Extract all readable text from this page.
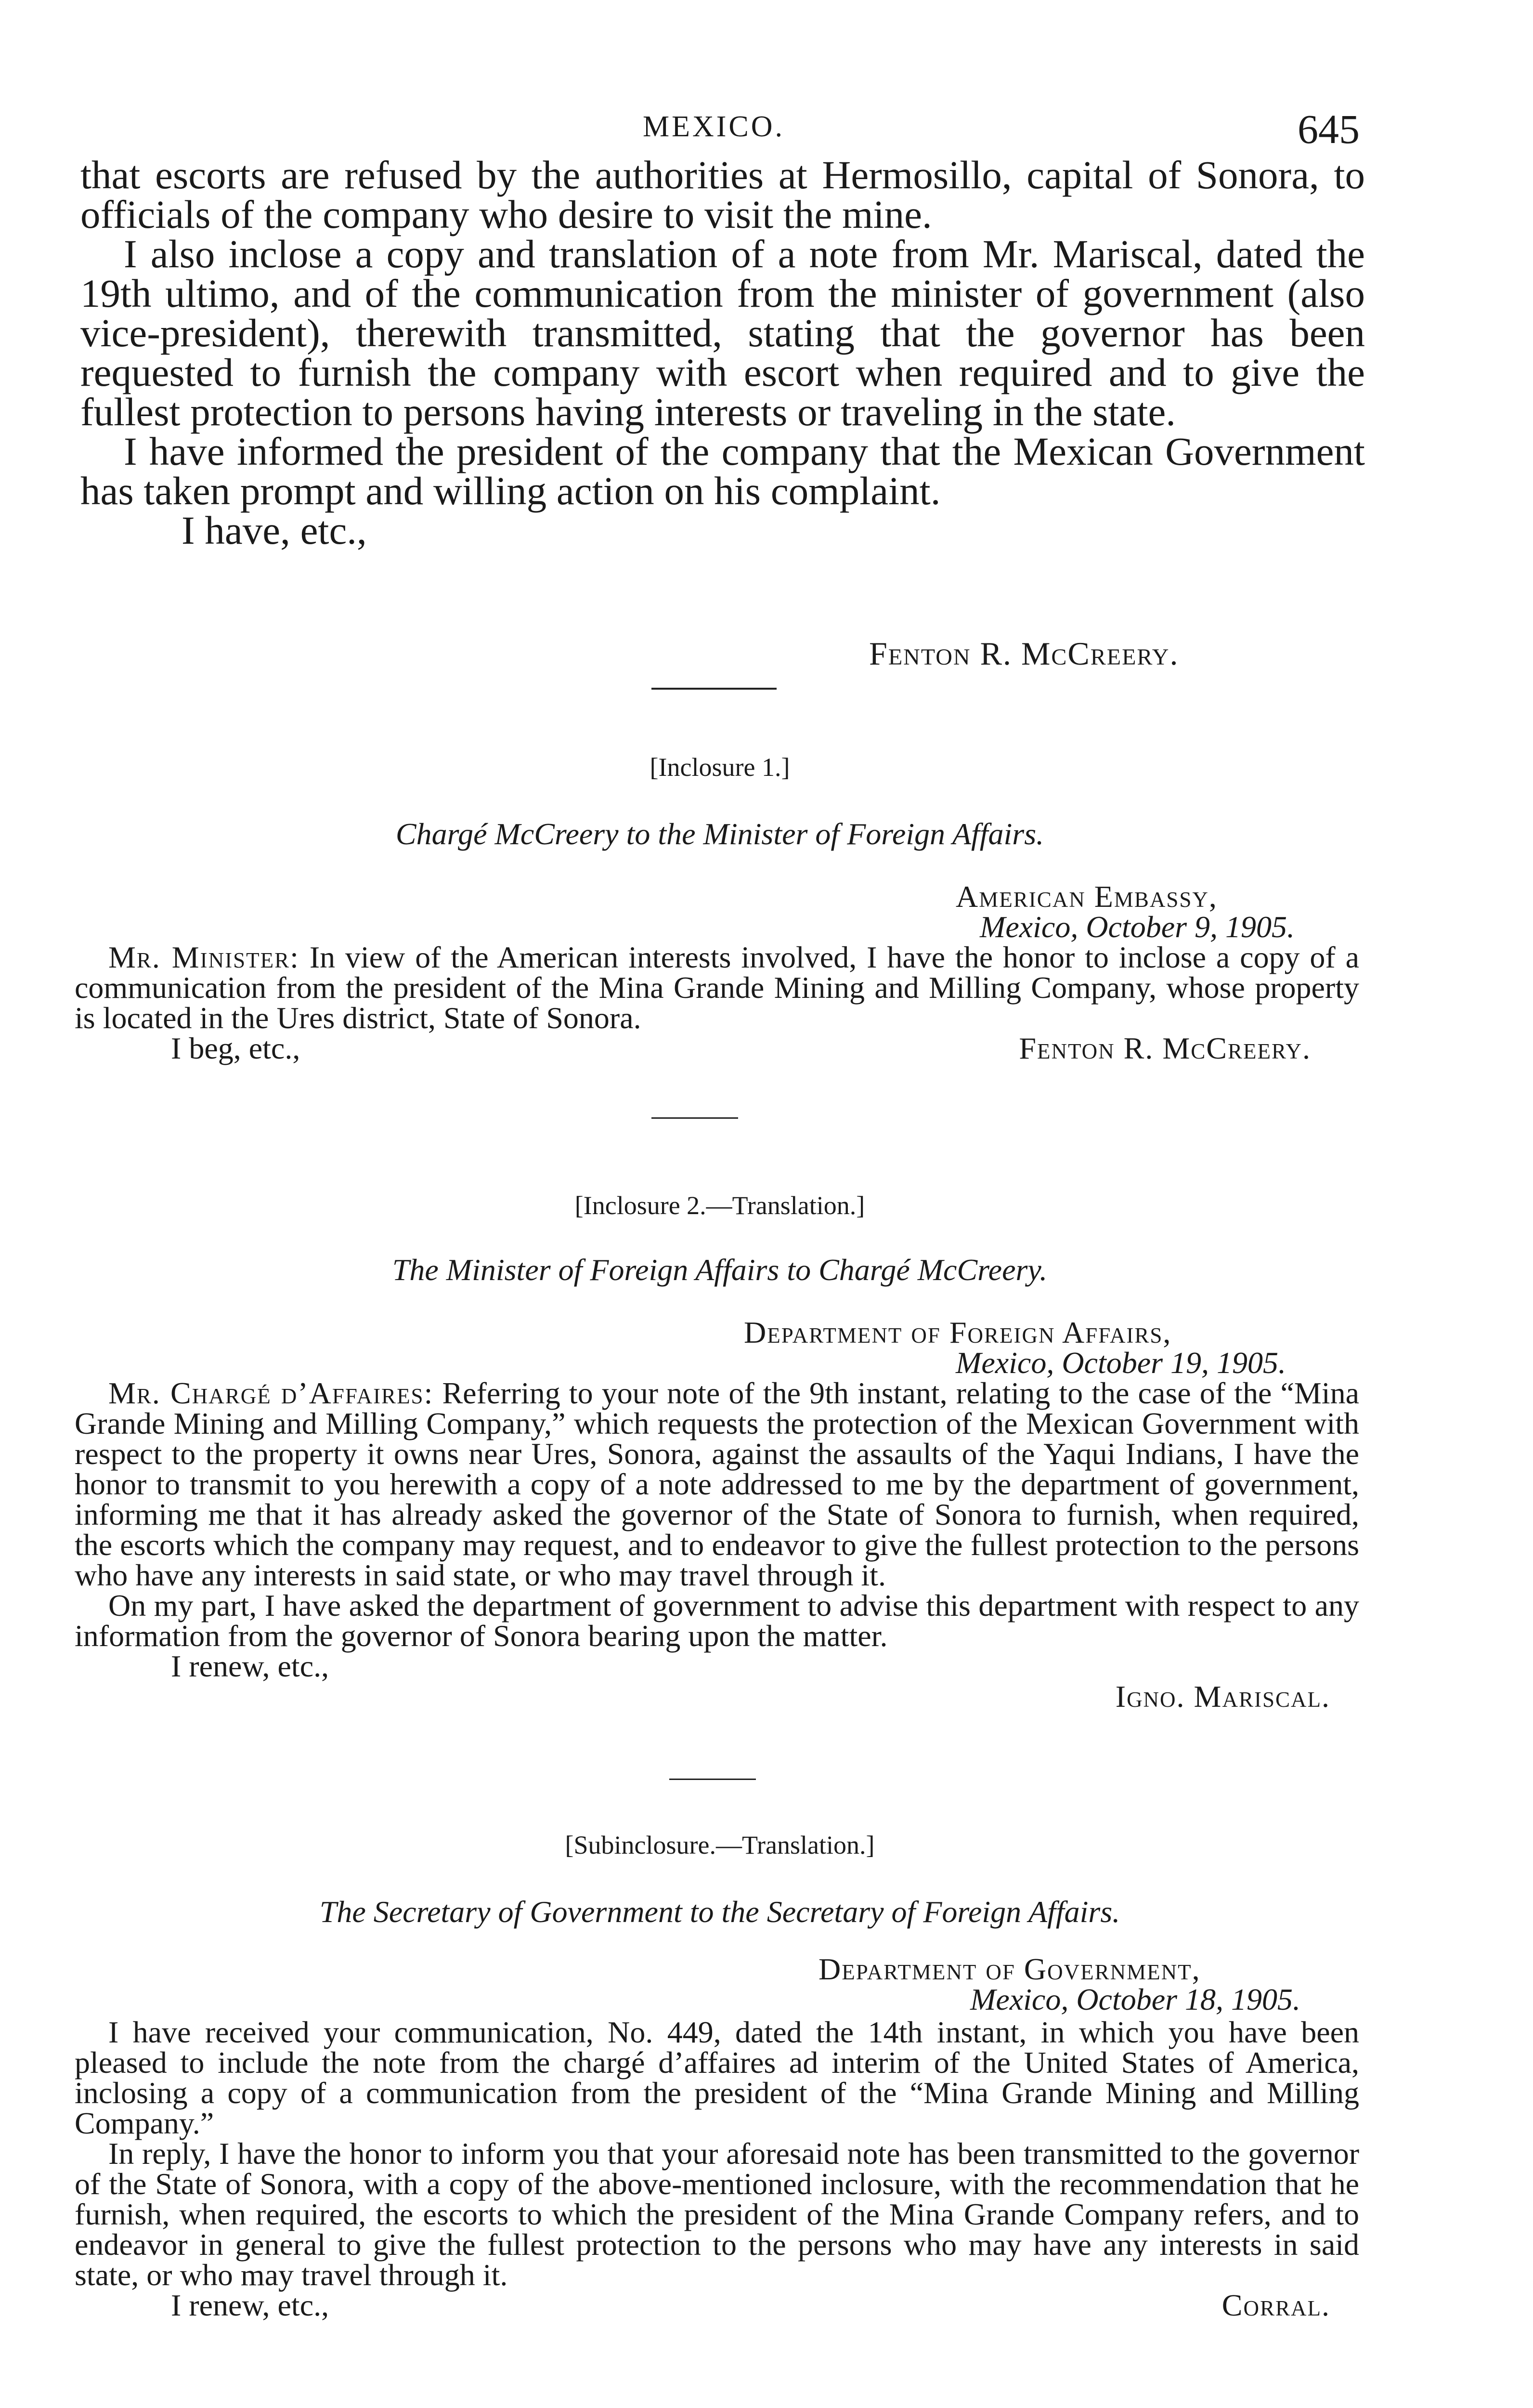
MEXICO.	645

that escorts are refused by the authorities at Hermosillo, capital of Sonora, to officials of the company who desire to visit the mine.

I also inclose a copy and translation of a note from Mr. Mariscal, dated the 19th ultimo, and of the communication from the minister of government (also vice-president), therewith transmitted, stating that the governor has been requested to furnish the company with escort when required and to give the fullest protection to persons having interests or traveling in the state.

I have informed the president of the company that the Mexican Government has taken prompt and willing action on his complaint.

I have, etc.,
Fenton R. McCreery.
[Inclosure 1.]
Chargé McCreery to the Minister of Foreign Affairs.
American Embassy,
Mexico, October 9, 1905.

Mr. Minister: In view of the American interests involved, I have the honor to inclose a copy of a communication from the president of the Mina Grande Mining and Milling Company, whose property is located in the Ures district, State of Sonora.

I beg, etc.,	Fenton R. McCreery.
[Inclosure 2.—Translation.]
The Minister of Foreign Affairs to Chargé McCreery.
Department of Foreign Affairs,
Mexico, October 19, 1905.

Mr. Chargé d’Affaires: Referring to your note of the 9th instant, relating to the case of the “Mina Grande Mining and Milling Company,” which requests the protection of the Mexican Government with respect to the property it owns near Ures, Sonora, against the assaults of the Yaqui Indians, I have the honor to transmit to you herewith a copy of a note addressed to me by the department of government, informing me that it has already asked the governor of the State of Sonora to furnish, when required, the escorts which the company may request, and to endeavor to give the fullest protection to the persons who have any interests in said state, or who may travel through it.

On my part, I have asked the department of government to advise this department with respect to any information from the governor of Sonora bearing upon the matter.

I renew, etc.,
Igno. Mariscal.
[Subinclosure.—Translation.]
The Secretary of Government to the Secretary of Foreign Affairs.
Department of Government,
Mexico, October 18, 1905.

I have received your communication, No. 449, dated the 14th instant, in which you have been pleased to include the note from the chargé d’affaires ad interim of the United States of America, inclosing a copy of a communication from the president of the “Mina Grande Mining and Milling Company.”

In reply, I have the honor to inform you that your aforesaid note has been transmitted to the governor of the State of Sonora, with a copy of the above-mentioned inclosure, with the recommendation that he furnish, when required, the escorts to which the president of the Mina Grande Company refers, and to endeavor in general to give the fullest protection to the persons who may have any interests in said state, or who may travel through it.

I renew, etc.,	Corral.
